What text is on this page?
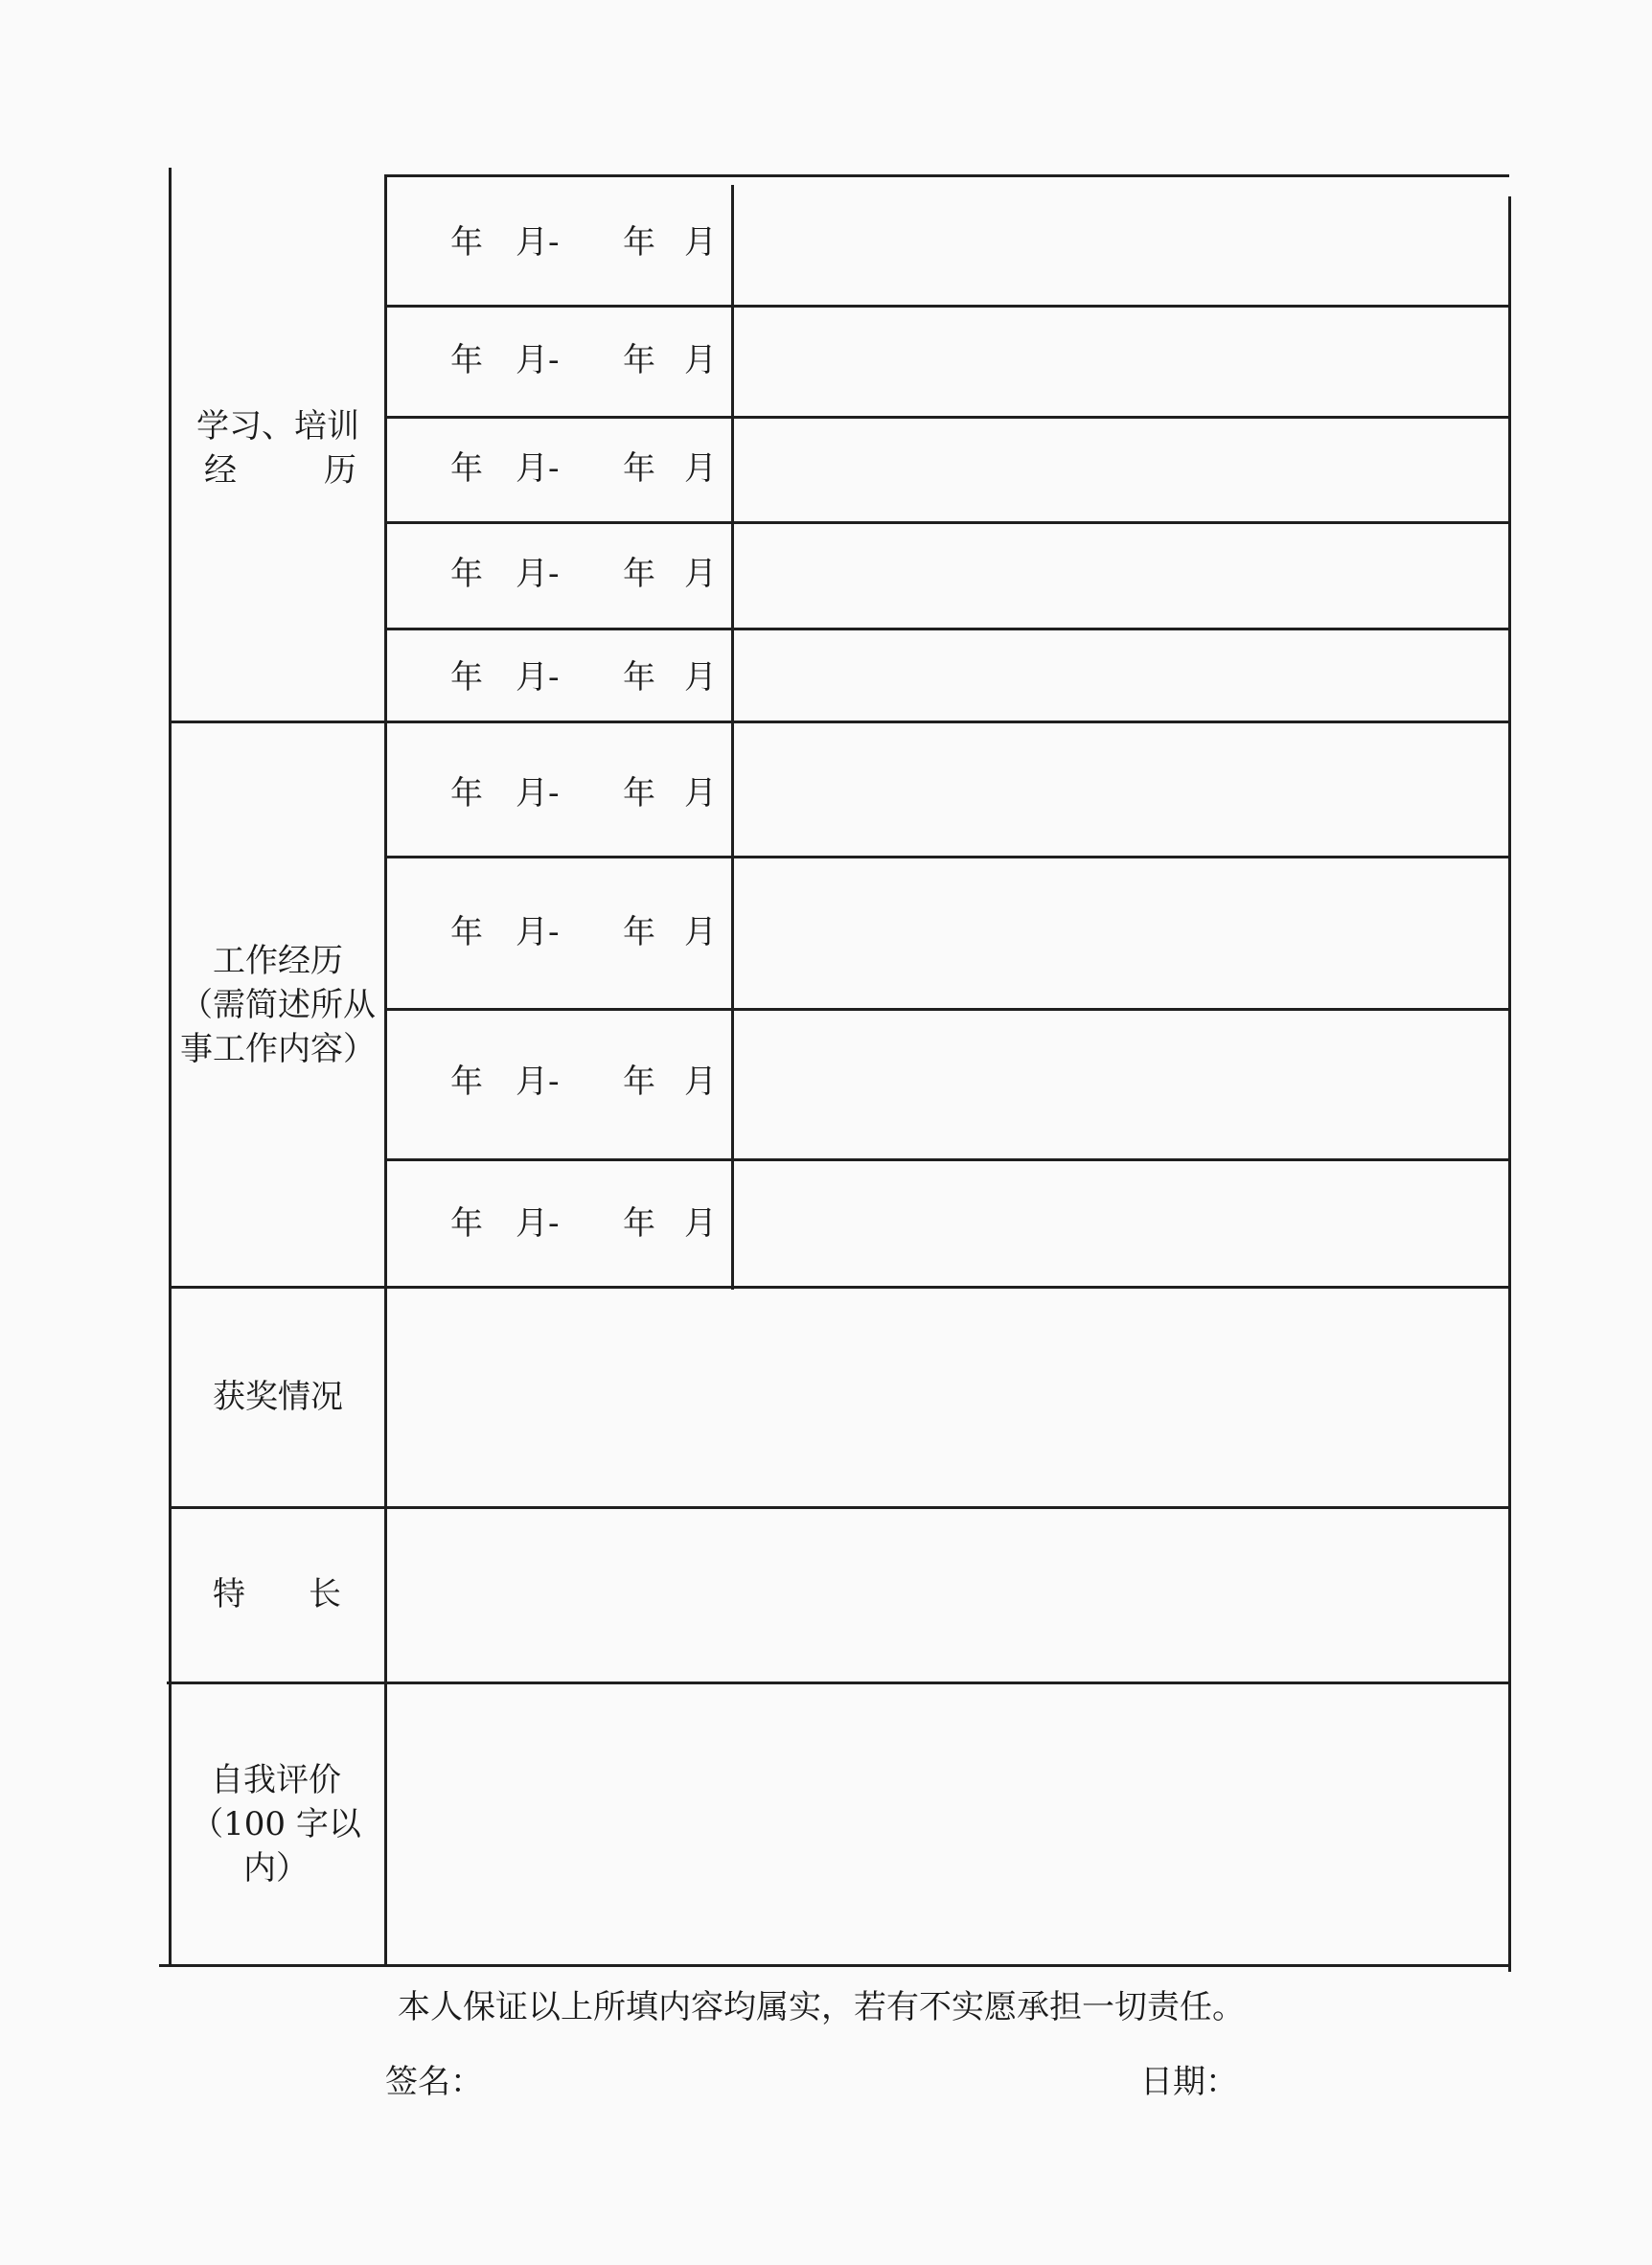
学习、培训
经	历
工作经历
（需简述所从
事工作内容）
获奖情况
特 长
自我评价
（100 字以
内）
年 月- 年 月
年 月- 年 月
年 月- 年 月
年 月- 年 月
年 月- 年 月
年 月- 年 月
年 月- 年 月
年 月- 年 月
年 月- 年 月
本人保证以上所填内容均属实，若有不实愿承担一切责任。
签名：	日期：
